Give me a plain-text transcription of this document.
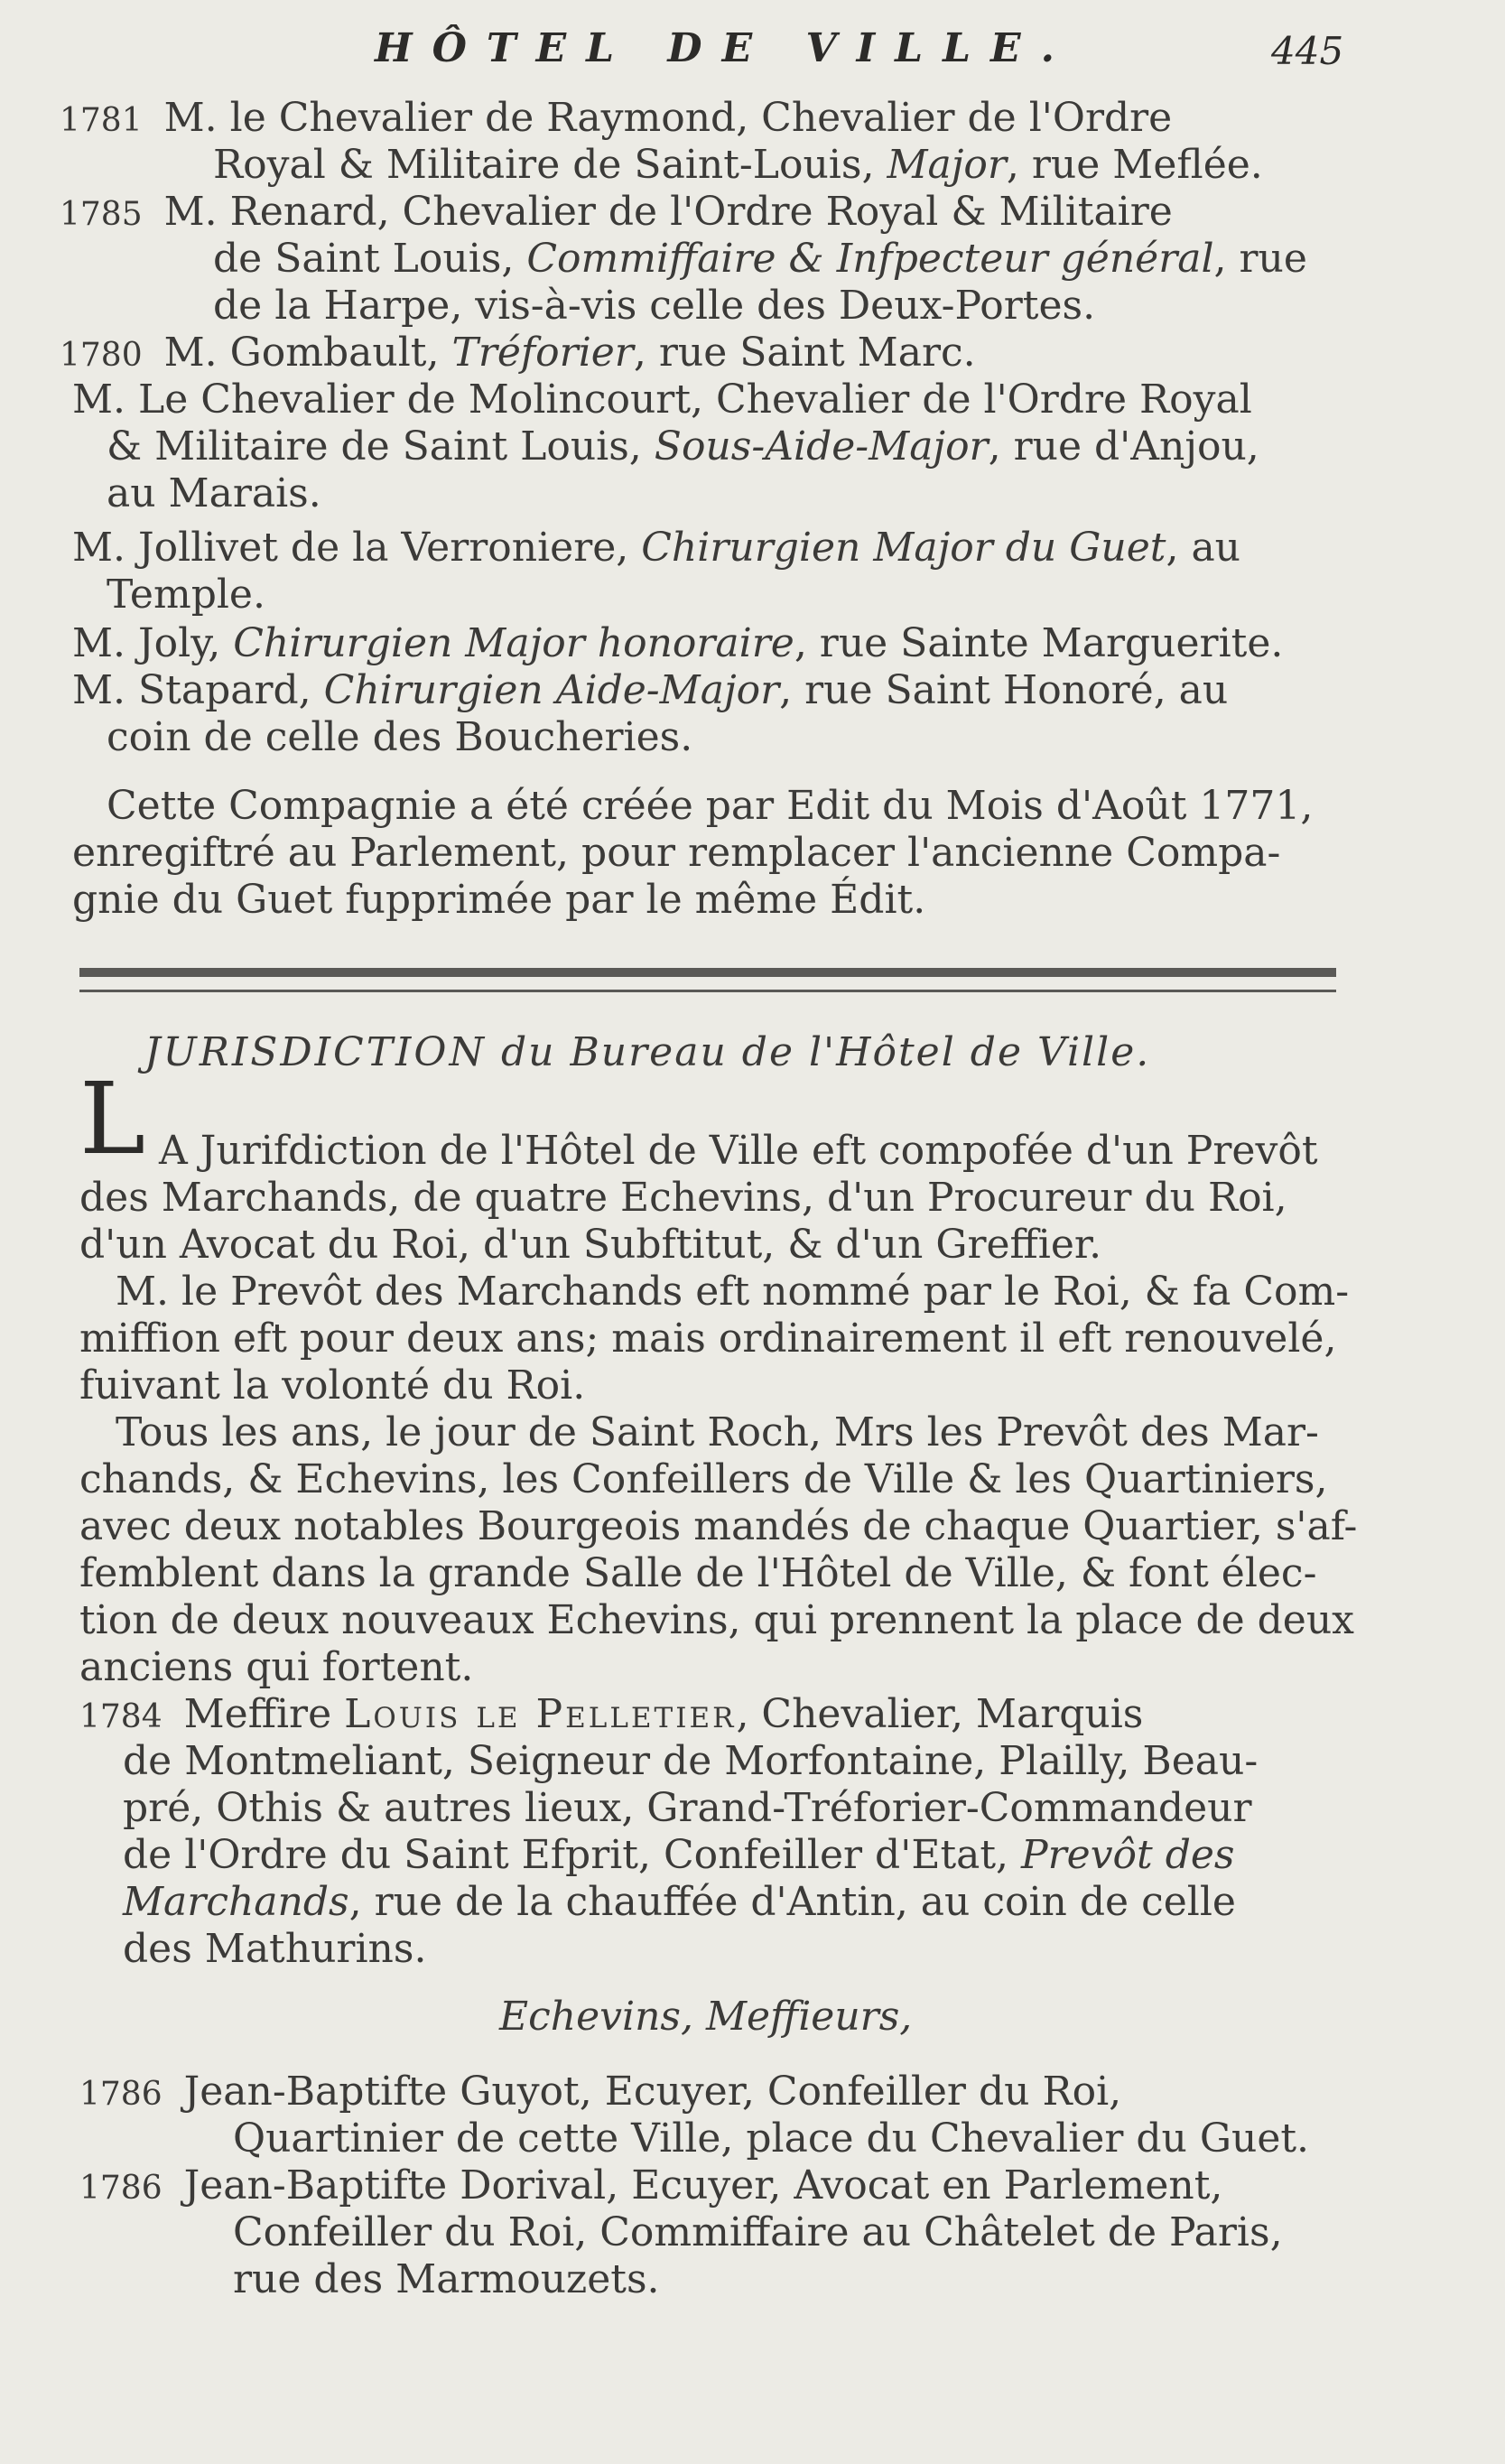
HÔTEL DE VILLE.	445
1781 M. le Chevalier de Raymond, Chevalier de l'Ordre
Royal & Militaire de Saint-Louis, Major, rue Meflée.
1785 M. Renard, Chevalier de l'Ordre Royal & Militaire
de Saint Louis, Commiffaire & Infpecteur général, rue
de la Harpe, vis-à-vis celle des Deux-Portes.
1780 M. Gombault, Tréforier, rue Saint Marc.
M. Le Chevalier de Molincourt, Chevalier de l'Ordre Royal
& Militaire de Saint Louis, Sous-Aide-Major, rue d'Anjou,
au Marais.
M. Jollivet de la Verroniere, Chirurgien Major du Guet, au
Temple.
M. Joly, Chirurgien Major honoraire, rue Sainte Marguerite.
M. Stapard, Chirurgien Aide-Major, rue Saint Honoré, au
coin de celle des Boucheries.
Cette Compagnie a été créée par Edit du Mois d'Août 1771,
enregiftré au Parlement, pour remplacer l'ancienne Compa-
gnie du Guet fupprimée par le même Édit.
JURISDICTION du Bureau de l'Hôtel de Ville.
L A Jurifdiction de l'Hôtel de Ville eft compofée d'un Prevôt
des Marchands, de quatre Echevins, d'un Procureur du Roi,
d'un Avocat du Roi, d'un Subftitut, & d'un Greffier.
M. le Prevôt des Marchands eft nommé par le Roi, & fa Com-
miffion eft pour deux ans; mais ordinairement il eft renouvelé,
fuivant la volonté du Roi.
Tous les ans, le jour de Saint Roch, Mrs les Prevôt des Mar-
chands, & Echevins, les Confeillers de Ville & les Quartiniers,
avec deux notables Bourgeois mandés de chaque Quartier, s'af-
femblent dans la grande Salle de l'Hôtel de Ville, & font élec-
tion de deux nouveaux Echevins, qui prennent la place de deux
anciens qui fortent.
1784 Meffire Louis le Pelletier, Chevalier, Marquis
de Montmeliant, Seigneur de Morfontaine, Plailly, Beau-
pré, Othis & autres lieux, Grand-Tréforier-Commandeur
de l'Ordre du Saint Efprit, Confeiller d'Etat, Prevôt des
Marchands, rue de la chauffée d'Antin, au coin de celle
des Mathurins.
1786 Jean-Baptifte Guyot, Ecuyer, Confeiller du Roi,
Quartinier de cette Ville, place du Chevalier du Guet.
1786 Jean-Baptifte Dorival, Ecuyer, Avocat en Parlement,
Confeiller du Roi, Commiffaire au Châtelet de Paris,
rue des Marmouzets.
Echevins, Meffieurs,
